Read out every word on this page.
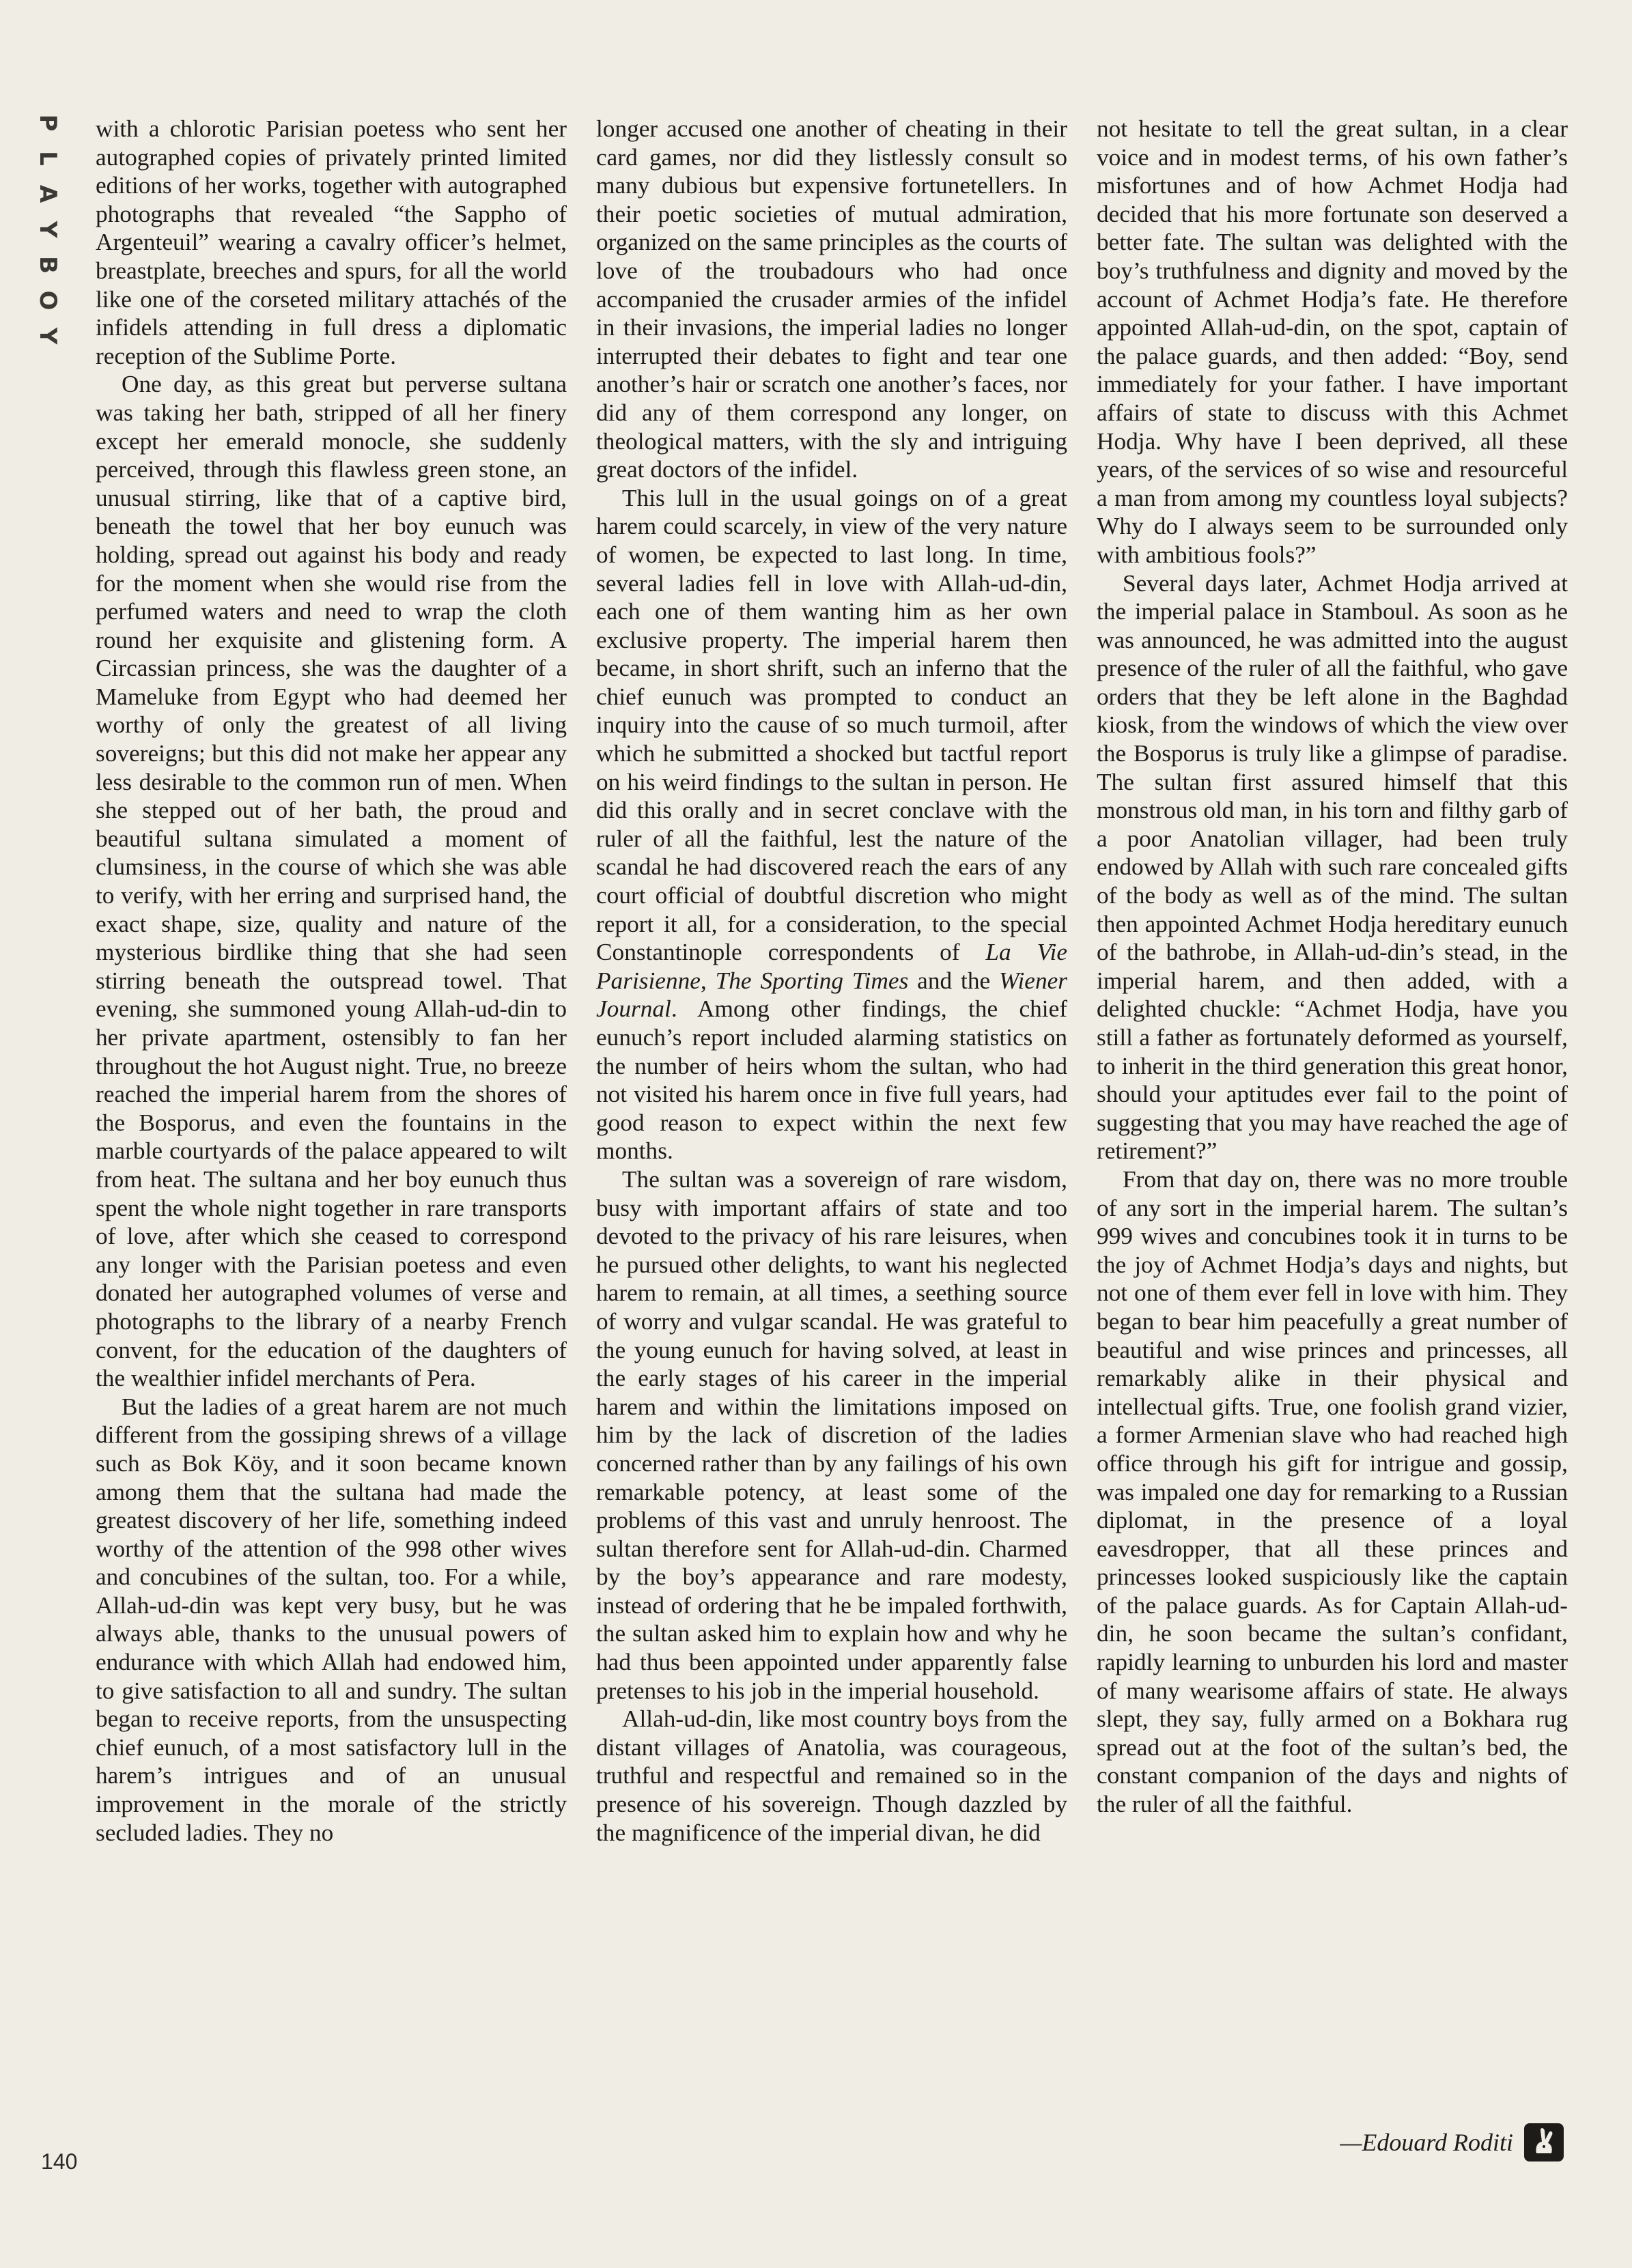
P
L
A
Y
B
O
Y

with a chlorotic Parisian poetess who sent her autographed copies of privately printed limited editions of her works, together with autographed photographs that revealed “the Sappho of Argenteuil” wearing a cavalry officer’s helmet, breastplate, breeches and spurs, for all the world like one of the corseted military attachés of the infidels attending in full dress a diplomatic reception of the Sublime Porte.

One day, as this great but perverse sultana was taking her bath, stripped of all her finery except her emerald monocle, she suddenly perceived, through this flawless green stone, an unusual stirring, like that of a captive bird, beneath the towel that her boy eunuch was holding, spread out against his body and ready for the moment when she would rise from the perfumed waters and need to wrap the cloth round her exquisite and glistening form. A Circassian princess, she was the daughter of a Mameluke from Egypt who had deemed her worthy of only the greatest of all living sovereigns; but this did not make her appear any less desirable to the common run of men. When she stepped out of her bath, the proud and beautiful sultana simulated a moment of clumsiness, in the course of which she was able to verify, with her erring and surprised hand, the exact shape, size, quality and nature of the mysterious birdlike thing that she had seen stirring beneath the outspread towel. That evening, she summoned young Allah-ud-din to her private apartment, ostensibly to fan her throughout the hot August night. True, no breeze reached the imperial harem from the shores of the Bosporus, and even the fountains in the marble courtyards of the palace appeared to wilt from heat. The sultana and her boy eunuch thus spent the whole night together in rare transports of love, after which she ceased to correspond any longer with the Parisian poetess and even donated her autographed volumes of verse and photographs to the library of a nearby French convent, for the education of the daughters of the wealthier infidel merchants of Pera.

But the ladies of a great harem are not much different from the gossiping shrews of a village such as Bok Köy, and it soon became known among them that the sultana had made the greatest discovery of her life, something indeed worthy of the attention of the 998 other wives and concubines of the sultan, too. For a while, Allah-ud-din was kept very busy, but he was always able, thanks to the unusual powers of endurance with which Allah had endowed him, to give satisfaction to all and sundry. The sultan began to receive reports, from the unsuspecting chief eunuch, of a most satisfactory lull in the harem’s intrigues and of an unusual improvement in the morale of the strictly secluded ladies. They no

longer accused one another of cheating in their card games, nor did they listlessly consult so many dubious but expensive fortunetellers. In their poetic societies of mutual admiration, organized on the same principles as the courts of love of the troubadours who had once accompanied the crusader armies of the infidel in their invasions, the imperial ladies no longer interrupted their debates to fight and tear one another’s hair or scratch one another’s faces, nor did any of them correspond any longer, on theological matters, with the sly and intriguing great doctors of the infidel.

This lull in the usual goings on of a great harem could scarcely, in view of the very nature of women, be expected to last long. In time, several ladies fell in love with Allah-ud-din, each one of them wanting him as her own exclusive property. The imperial harem then became, in short shrift, such an inferno that the chief eunuch was prompted to conduct an inquiry into the cause of so much turmoil, after which he submitted a shocked but tactful report on his weird findings to the sultan in person. He did this orally and in secret conclave with the ruler of all the faithful, lest the nature of the scandal he had discovered reach the ears of any court official of doubtful discretion who might report it all, for a consideration, to the special Constantinople correspondents of La Vie Parisienne, The Sporting Times and the Wiener Journal. Among other findings, the chief eunuch’s report included alarming statistics on the number of heirs whom the sultan, who had not visited his harem once in five full years, had good reason to expect within the next few months.

The sultan was a sovereign of rare wisdom, busy with important affairs of state and too devoted to the privacy of his rare leisures, when he pursued other delights, to want his neglected harem to remain, at all times, a seething source of worry and vulgar scandal. He was grateful to the young eunuch for having solved, at least in the early stages of his career in the imperial harem and within the limitations imposed on him by the lack of discretion of the ladies concerned rather than by any failings of his own remarkable potency, at least some of the problems of this vast and unruly henroost. The sultan therefore sent for Allah-ud-din. Charmed by the boy’s appearance and rare modesty, instead of ordering that he be impaled forthwith, the sultan asked him to explain how and why he had thus been appointed under apparently false pretenses to his job in the imperial household.

Allah-ud-din, like most country boys from the distant villages of Anatolia, was courageous, truthful and respectful and remained so in the presence of his sovereign. Though dazzled by the magnificence of the imperial divan, he did

not hesitate to tell the great sultan, in a clear voice and in modest terms, of his own father’s misfortunes and of how Achmet Hodja had decided that his more fortunate son deserved a better fate. The sultan was delighted with the boy’s truthfulness and dignity and moved by the account of Achmet Hodja’s fate. He therefore appointed Allah-ud-din, on the spot, captain of the palace guards, and then added: “Boy, send immediately for your father. I have important affairs of state to discuss with this Achmet Hodja. Why have I been deprived, all these years, of the services of so wise and resourceful a man from among my countless loyal subjects? Why do I always seem to be surrounded only with ambitious fools?”

Several days later, Achmet Hodja arrived at the imperial palace in Stamboul. As soon as he was announced, he was admitted into the august presence of the ruler of all the faithful, who gave orders that they be left alone in the Baghdad kiosk, from the windows of which the view over the Bosporus is truly like a glimpse of paradise. The sultan first assured himself that this monstrous old man, in his torn and filthy garb of a poor Anatolian villager, had been truly endowed by Allah with such rare concealed gifts of the body as well as of the mind. The sultan then appointed Achmet Hodja hereditary eunuch of the bathrobe, in Allah-ud-din’s stead, in the imperial harem, and then added, with a delighted chuckle: “Achmet Hodja, have you still a father as fortunately deformed as yourself, to inherit in the third generation this great honor, should your aptitudes ever fail to the point of suggesting that you may have reached the age of retirement?”

From that day on, there was no more trouble of any sort in the imperial harem. The sultan’s 999 wives and concubines took it in turns to be the joy of Achmet Hodja’s days and nights, but not one of them ever fell in love with him. They began to bear him peacefully a great number of beautiful and wise princes and princesses, all remarkably alike in their physical and intellectual gifts. True, one foolish grand vizier, a former Armenian slave who had reached high office through his gift for intrigue and gossip, was impaled one day for remarking to a Russian diplomat, in the presence of a loyal eavesdropper, that all these princes and princesses looked suspiciously like the captain of the palace guards. As for Captain Allah-ud-din, he soon became the sultan’s confidant, rapidly learning to unburden his lord and master of many wearisome affairs of state. He always slept, they say, fully armed on a Bokhara rug spread out at the foot of the sultan’s bed, the constant companion of the days and nights of the ruler of all the faithful.

140
—Edouard Roditi
